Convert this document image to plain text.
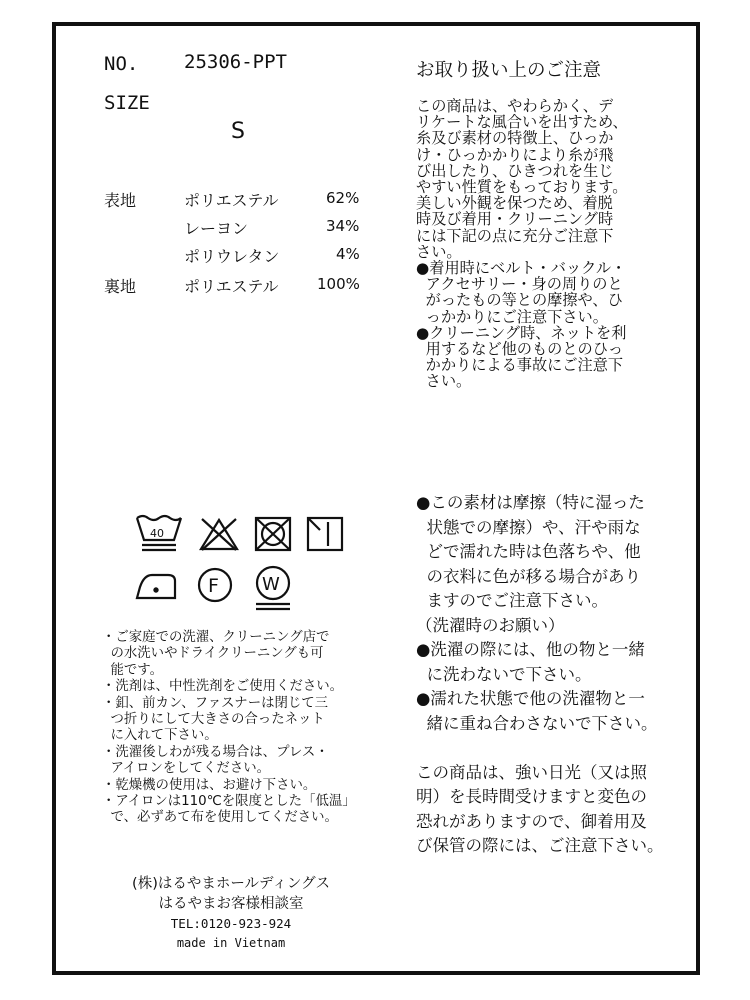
NO. 25306-PPT
SIZE
S
表地	ポリエステル	62%
レーヨン	34%
ポリウレタン	4%
裏地	ポリエステル	100%
40
F W
・ご家庭での洗濯、クリーニング店で
の水洗いやドライクリーニングも可
能です。
・洗剤は、中性洗剤をご使用ください。
・釦、前カン、ファスナーは閉じて三
つ折りにして大きさの合ったネット
に入れて下さい。
・洗濯後しわが残る場合は、プレス・
アイロンをしてください。
・乾燥機の使用は、お避け下さい。
・アイロンは110℃を限度とした「低温」
で、必ずあて布を使用してください。
(株)はるやまホールディングス
はるやまお客様相談室
TEL:0120-923-924
made in Vietnam
お取り扱い上のご注意
この商品は、やわらかく、デ
リケートな風合いを出すため、
糸及び素材の特徴上、ひっか
け・ひっかかりにより糸が飛
び出したり、ひきつれを生じ
やすい性質をもっております。
美しい外観を保つため、着脱
時及び着用・クリーニング時
には下記の点に充分ご注意下
さい。
●着用時にベルト・バックル・
アクセサリー・身の周りのと
がったもの等との摩擦や、ひ
っかかりにご注意下さい。
●クリーニング時、ネットを利
用するなど他のものとのひっ
かかりによる事故にご注意下
さい。
●この素材は摩擦（特に湿った
状態での摩擦）や、汗や雨な
どで濡れた時は色落ちや、他
の衣料に色が移る場合があり
ますのでご注意下さい。
（洗濯時のお願い）
●洗濯の際には、他の物と一緒
に洗わないで下さい。
●濡れた状態で他の洗濯物と一
緒に重ね合わさないで下さい。

この商品は、強い日光（又は照
明）を長時間受けますと変色の
恐れがありますので、御着用及
び保管の際には、ご注意下さい。
